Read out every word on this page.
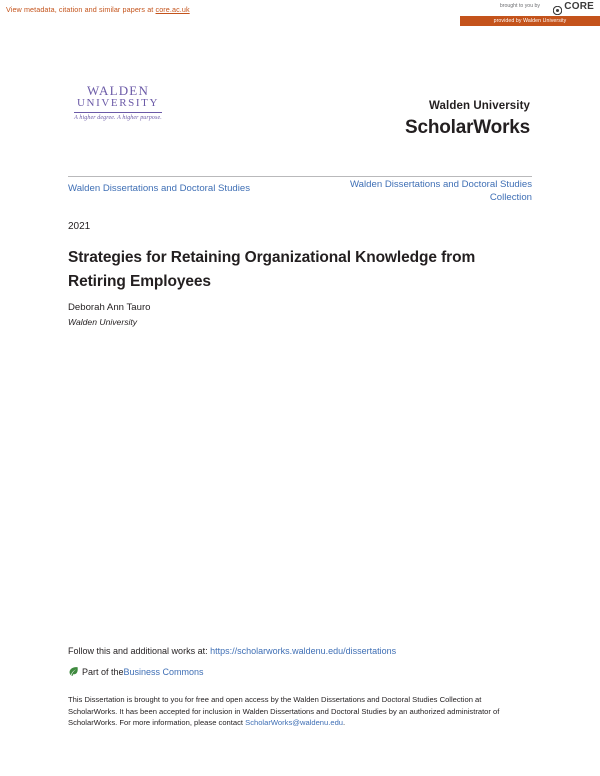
View metadata, citation and similar papers at core.ac.uk	brought to you by CORE
provided by Walden University
WALDEN
UNIVERSITY
A higher degree. A higher purpose.
Walden University
ScholarWorks
Walden Dissertations and Doctoral Studies	Walden Dissertations and Doctoral Studies
Collection
2021
Strategies for Retaining Organizational Knowledge from Retiring Employees
Deborah Ann Tauro
Walden University
Follow this and additional works at: https://scholarworks.waldenu.edu/dissertations
Part of the Business Commons
This Dissertation is brought to you for free and open access by the Walden Dissertations and Doctoral Studies Collection at ScholarWorks. It has been accepted for inclusion in Walden Dissertations and Doctoral Studies by an authorized administrator of ScholarWorks. For more information, please contact ScholarWorks@waldenu.edu.
